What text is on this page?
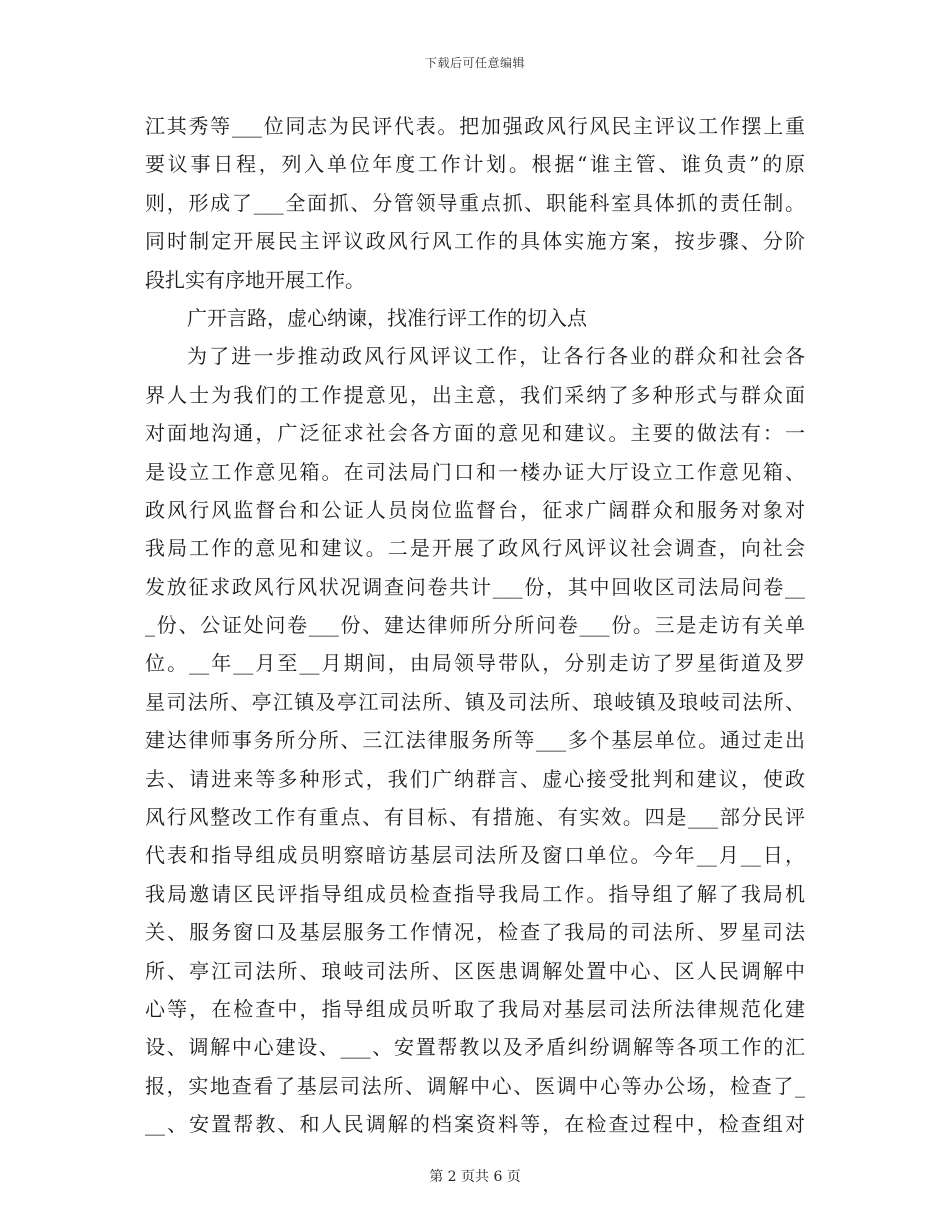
下载后可任意编辑
江其秀等___位同志为民评代表。把加强政风行风民主评议工作摆上重
要议事日程，列入单位年度工作计划。根据“谁主管、谁负责”的原
则，形成了___全面抓、分管领导重点抓、职能科室具体抓的责任制。
同时制定开展民主评议政风行风工作的具体实施方案，按步骤、分阶
段扎实有序地开展工作。
广开言路，虚心纳谏，找准行评工作的切入点
为了进一步推动政风行风评议工作，让各行各业的群众和社会各
界人士为我们的工作提意见，出主意，我们采纳了多种形式与群众面
对面地沟通，广泛征求社会各方面的意见和建议。主要的做法有：一
是设立工作意见箱。在司法局门口和一楼办证大厅设立工作意见箱、
政风行风监督台和公证人员岗位监督台，征求广阔群众和服务对象对
我局工作的意见和建议。二是开展了政风行风评议社会调查，向社会
发放征求政风行风状况调查问卷共计___份，其中回收区司法局问卷__
_份、公证处问卷___份、建达律师所分所问卷___份。三是走访有关单
位。__年__月至__月期间，由局领导带队，分别走访了罗星街道及罗
星司法所、亭江镇及亭江司法所、镇及司法所、琅岐镇及琅岐司法所、
建达律师事务所分所、三江法律服务所等___多个基层单位。通过走出
去、请进来等多种形式，我们广纳群言、虚心接受批判和建议，使政
风行风整改工作有重点、有目标、有措施、有实效。四是___部分民评
代表和指导组成员明察暗访基层司法所及窗口单位。今年__月__日，
我局邀请区民评指导组成员检查指导我局工作。指导组了解了我局机
关、服务窗口及基层服务工作情况，检查了我局的司法所、罗星司法
所、亭江司法所、琅岐司法所、区医患调解处置中心、区人民调解中
心等，在检查中，指导组成员听取了我局对基层司法所法律规范化建
设、调解中心建设、___、安置帮教以及矛盾纠纷调解等各项工作的汇
报，实地查看了基层司法所、调解中心、医调中心等办公场，检查了_
__、安置帮教、和人民调解的档案资料等，在检查过程中，检查组对
第 2 页共 6 页
